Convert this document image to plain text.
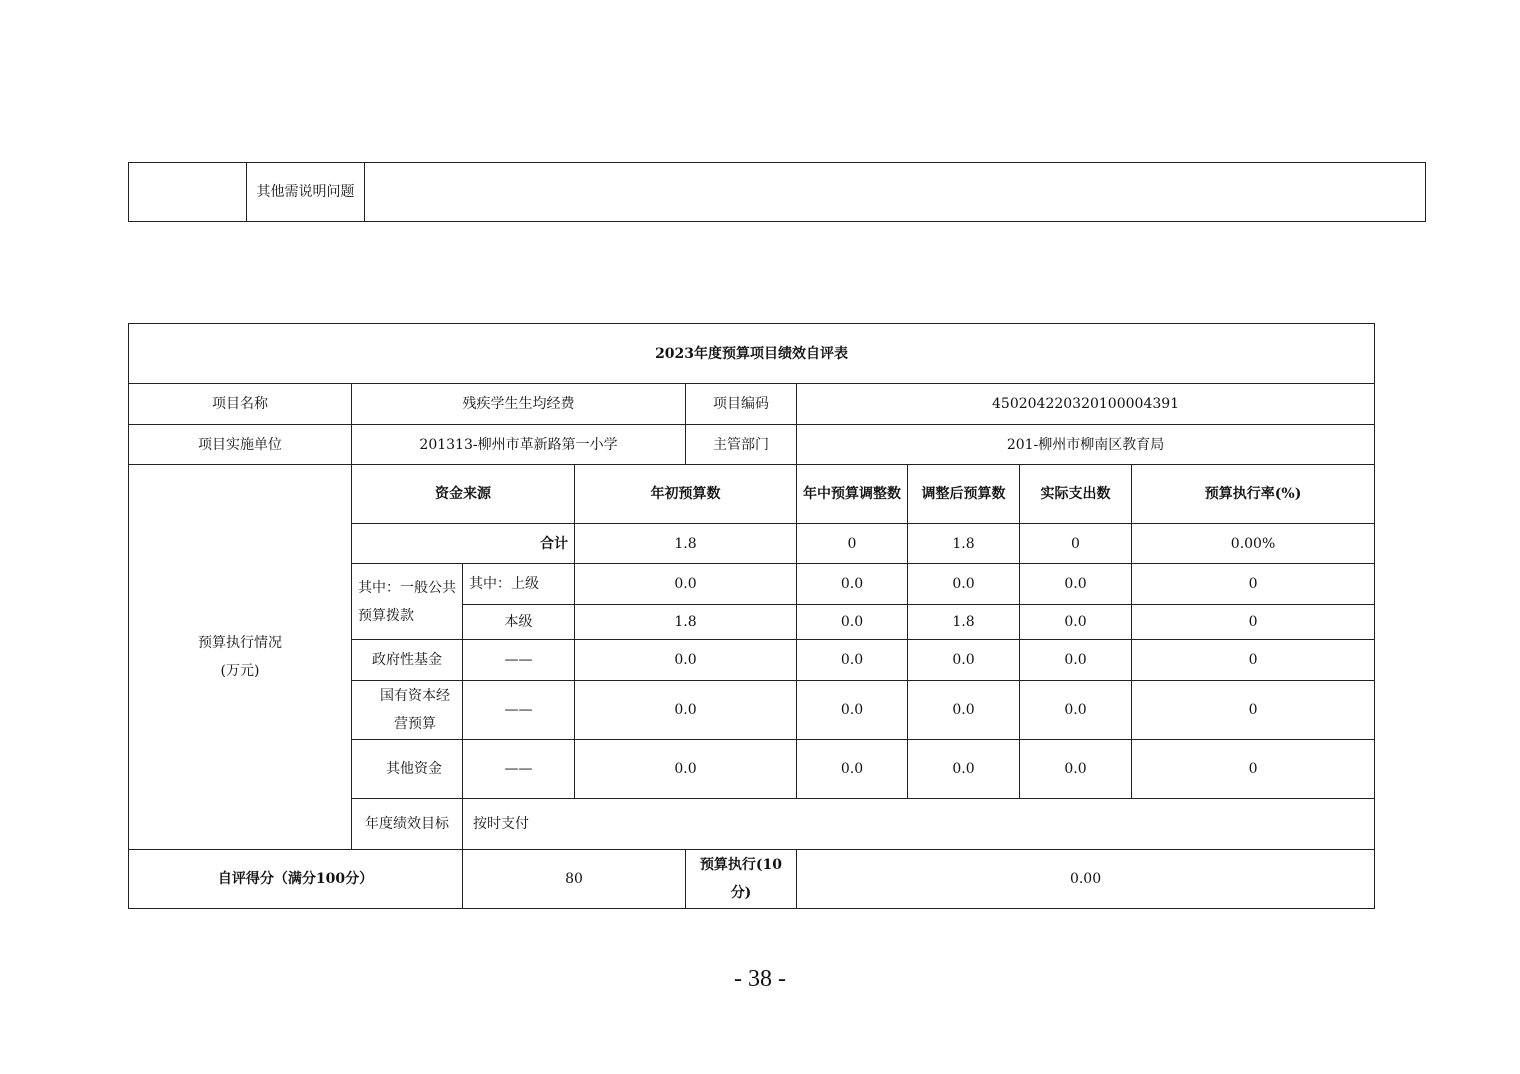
	其他需说明问题	
2023年度预算项目绩效自评表								
项目名称	残疾学生生均经费			项目编码	450204220320100004391			
项目实施单位	201313-柳州市革新路第一小学			主管部门	201-柳州市柳南区教育局			

预算执行情况
(万元)	资金来源		年初预算数		年中预算调整数	调整后预算数	实际支出数	预算执行率(%)
	合计		1.8		0	1.8	0	0.00%
	其中：一般公共预算拨款	其中：上级	0.0		0.0	0.0	0.0	0
		本级	1.8		0.0	1.8	0.0	0
	政府性基金	——	0.0		0.0	0.0	0.0	0
	国有资本经营预算	——	0.0		0.0	0.0	0.0	0
	其他资金	——	0.0		0.0	0.0	0.0	0
	年度绩效目标	按时支付						
自评得分（满分100分）		80		预算执行(10分)	0.00			
- 38 -
